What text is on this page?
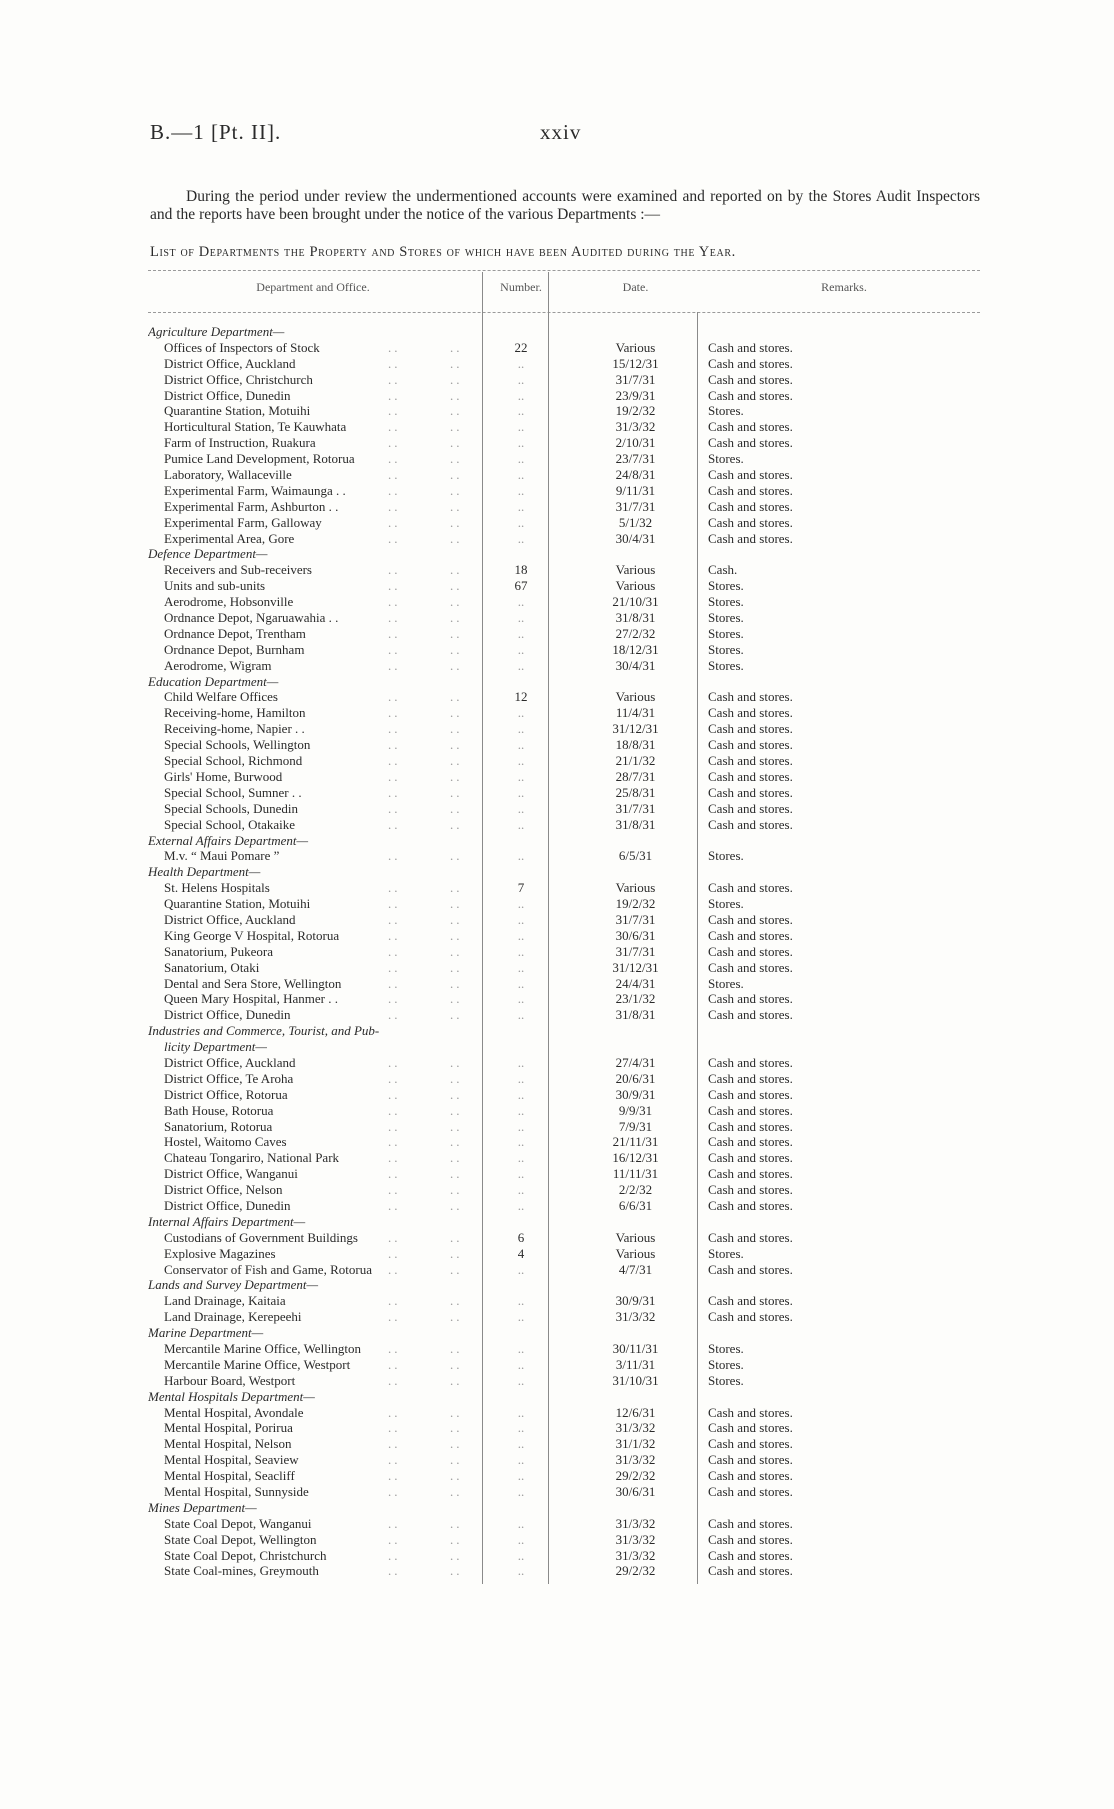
B.—1 [Pt. II].	xxiv

During the period under review the undermentioned accounts were examined and reported on by the Stores Audit Inspectors and the reports have been brought under the notice of the various Departments :—

List of Departments the Property and Stores of which have been Audited during the Year.
Department and Office.	Number.	Date.	Remarks.
Agriculture Department—
Offices of Inspectors of Stock	..	..	22	Various	Cash and stores.
District Office, Auckland	..	..	..	15/12/31	Cash and stores.
District Office, Christchurch	..	..	..	31/7/31	Cash and stores.
District Office, Dunedin	..	..	..	23/9/31	Cash and stores.
Quarantine Station, Motuihi	..	..	..	19/2/32	Stores.
Horticultural Station, Te Kauwhata	..	..	..	31/3/32	Cash and stores.
Farm of Instruction, Ruakura	..	..	..	2/10/31	Cash and stores.
Pumice Land Development, Rotorua	..	..	..	23/7/31	Stores.
Laboratory, Wallaceville	..	..	..	24/8/31	Cash and stores.
Experimental Farm, Waimaunga . .	..	..	..	9/11/31	Cash and stores.
Experimental Farm, Ashburton . .	..	..	..	31/7/31	Cash and stores.
Experimental Farm, Galloway	..	..	..	5/1/32	Cash and stores.
Experimental Area, Gore	..	..	..	30/4/31	Cash and stores.
Defence Department—
Receivers and Sub-receivers	..	..	18	Various	Cash.
Units and sub-units	..	..	67	Various	Stores.
Aerodrome, Hobsonville	..	..	..	21/10/31	Stores.
Ordnance Depot, Ngaruawahia . .	..	..	..	31/8/31	Stores.
Ordnance Depot, Trentham	..	..	..	27/2/32	Stores.
Ordnance Depot, Burnham	..	..	..	18/12/31	Stores.
Aerodrome, Wigram	..	..	..	30/4/31	Stores.
Education Department—
Child Welfare Offices	..	..	12	Various	Cash and stores.
Receiving-home, Hamilton	..	..	..	11/4/31	Cash and stores.
Receiving-home, Napier . .	..	..	..	31/12/31	Cash and stores.
Special Schools, Wellington	..	..	..	18/8/31	Cash and stores.
Special School, Richmond	..	..	..	21/1/32	Cash and stores.
Girls' Home, Burwood	..	..	..	28/7/31	Cash and stores.
Special School, Sumner . .	..	..	..	25/8/31	Cash and stores.
Special Schools, Dunedin	..	..	..	31/7/31	Cash and stores.
Special School, Otakaike	..	..	..	31/8/31	Cash and stores.
External Affairs Department—
M.v. “ Maui Pomare ”	..	..	..	6/5/31	Stores.
Health Department—
St. Helens Hospitals	..	..	7	Various	Cash and stores.
Quarantine Station, Motuihi	..	..	..	19/2/32	Stores.
District Office, Auckland	..	..	..	31/7/31	Cash and stores.
King George V Hospital, Rotorua	..	..	..	30/6/31	Cash and stores.
Sanatorium, Pukeora	..	..	..	31/7/31	Cash and stores.
Sanatorium, Otaki	..	..	..	31/12/31	Cash and stores.
Dental and Sera Store, Wellington	..	..	..	24/4/31	Stores.
Queen Mary Hospital, Hanmer . .	..	..	..	23/1/32	Cash and stores.
District Office, Dunedin	..	..	..	31/8/31	Cash and stores.
Industries and Commerce, Tourist, and Pub-
licity Department—
District Office, Auckland	..	..	..	27/4/31	Cash and stores.
District Office, Te Aroha	..	..	..	20/6/31	Cash and stores.
District Office, Rotorua	..	..	..	30/9/31	Cash and stores.
Bath House, Rotorua	..	..	..	9/9/31	Cash and stores.
Sanatorium, Rotorua	..	..	..	7/9/31	Cash and stores.
Hostel, Waitomo Caves	..	..	..	21/11/31	Cash and stores.
Chateau Tongariro, National Park	..	..	..	16/12/31	Cash and stores.
District Office, Wanganui	..	..	..	11/11/31	Cash and stores.
District Office, Nelson	..	..	..	2/2/32	Cash and stores.
District Office, Dunedin	..	..	..	6/6/31	Cash and stores.
Internal Affairs Department—
Custodians of Government Buildings	..	..	6	Various	Cash and stores.
Explosive Magazines	..	..	4	Various	Stores.
Conservator of Fish and Game, Rotorua	..	..	..	4/7/31	Cash and stores.
Lands and Survey Department—
Land Drainage, Kaitaia	..	..	..	30/9/31	Cash and stores.
Land Drainage, Kerepeehi	..	..	..	31/3/32	Cash and stores.
Marine Department—
Mercantile Marine Office, Wellington	..	..	..	30/11/31	Stores.
Mercantile Marine Office, Westport	..	..	..	3/11/31	Stores.
Harbour Board, Westport	..	..	..	31/10/31	Stores.
Mental Hospitals Department—
Mental Hospital, Avondale	..	..	..	12/6/31	Cash and stores.
Mental Hospital, Porirua	..	..	..	31/3/32	Cash and stores.
Mental Hospital, Nelson	..	..	..	31/1/32	Cash and stores.
Mental Hospital, Seaview	..	..	..	31/3/32	Cash and stores.
Mental Hospital, Seacliff	..	..	..	29/2/32	Cash and stores.
Mental Hospital, Sunnyside	..	..	..	30/6/31	Cash and stores.
Mines Department—
State Coal Depot, Wanganui	..	..	..	31/3/32	Cash and stores.
State Coal Depot, Wellington	..	..	..	31/3/32	Cash and stores.
State Coal Depot, Christchurch	..	..	..	31/3/32	Cash and stores.
State Coal-mines, Greymouth	..	..	..	29/2/32	Cash and stores.
